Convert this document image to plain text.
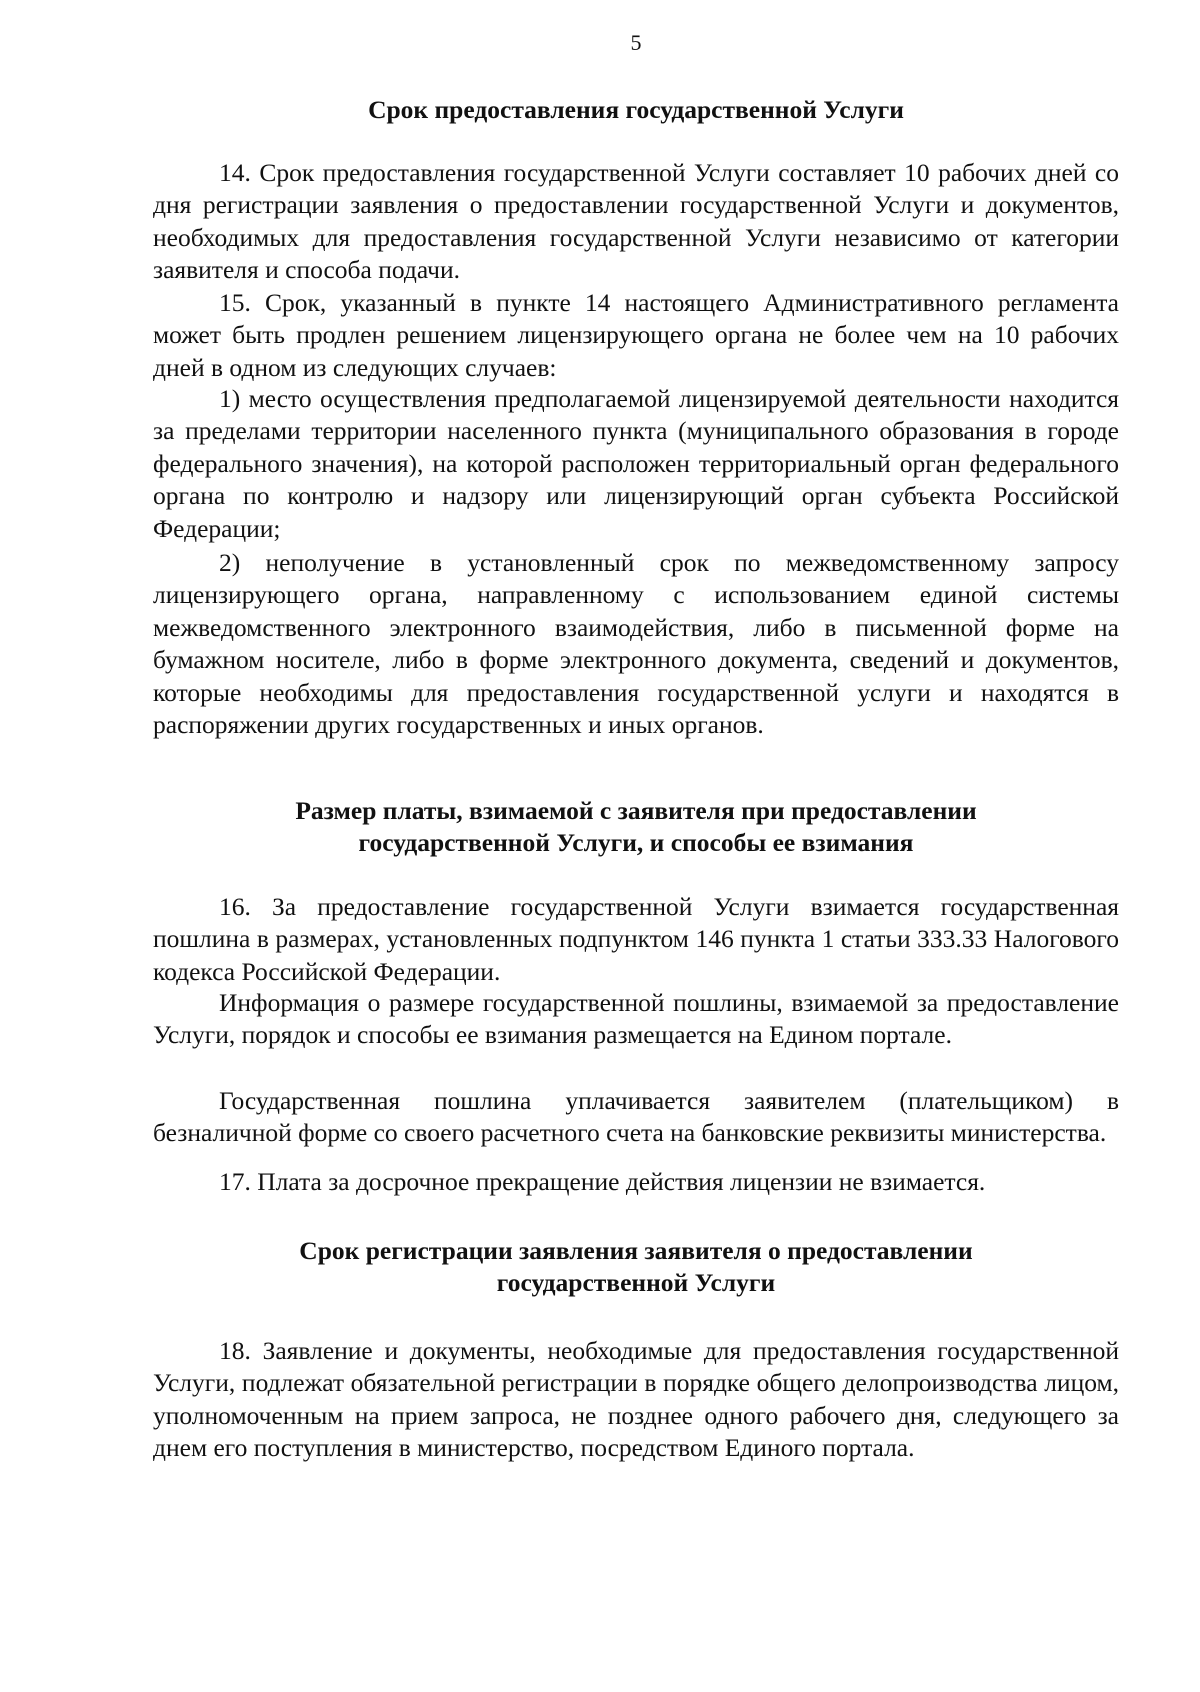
5
Срок предоставления государственной Услуги

14. Срок предоставления государственной Услуги составляет 10 рабочих дней со дня регистрации заявления о предоставлении государственной Услуги и документов, необходимых для предоставления государственной Услуги независимо от категории заявителя и способа подачи.

15. Срок, указанный в пункте 14 настоящего Административного регламента может быть продлен решением лицензирующего органа не более чем на 10 рабочих дней в одном из следующих случаев:

1) место осуществления предполагаемой лицензируемой деятельности находится за пределами территории населенного пункта (муниципального образования в городе федерального значения), на которой расположен территориальный орган федерального органа по контролю и надзору или лицензирующий орган субъекта Российской Федерации;

2) неполучение в установленный срок по межведомственному запросу лицензирующего органа, направленному с использованием единой системы межведомственного электронного взаимодействия, либо в письменной форме на бумажном носителе, либо в форме электронного документа, сведений и документов, которые необходимы для предоставления государственной услуги и находятся в распоряжении других государственных и иных органов.

Размер платы, взимаемой с заявителя при предоставлении
государственной Услуги, и способы ее взимания

16. За предоставление государственной Услуги взимается государственная пошлина в размерах, установленных подпунктом 146 пункта 1 статьи 333.33 Налогового кодекса Российской Федерации.

Информация о размере государственной пошлины, взимаемой за предоставление Услуги, порядок и способы ее взимания размещается на Едином портале.

Государственная пошлина уплачивается заявителем (плательщиком) в безналичной форме со своего расчетного счета на банковские реквизиты министерства.

17. Плата за досрочное прекращение действия лицензии не взимается.

Срок регистрации заявления заявителя о предоставлении
государственной Услуги

18. Заявление и документы, необходимые для предоставления государственной Услуги, подлежат обязательной регистрации в порядке общего делопроизводства лицом, уполномоченным на прием запроса, не позднее одного рабочего дня, следующего за днем его поступления в министерство, посредством Единого портала.
